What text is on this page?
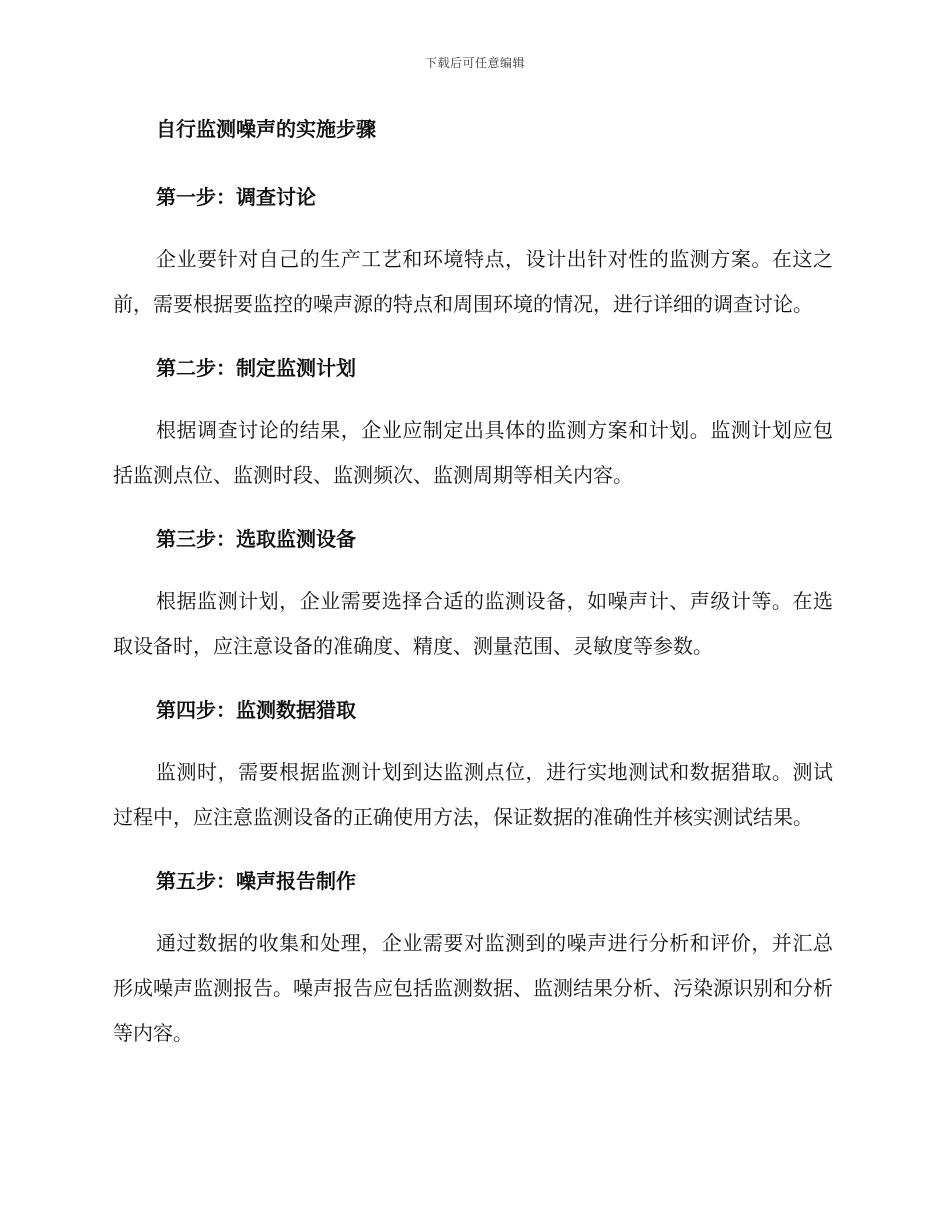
下载后可任意编辑
自行监测噪声的实施步骤
第一步：调查讨论

企业要针对自己的生产工艺和环境特点，设计出针对性的监测方案。在这之前，需要根据要监控的噪声源的特点和周围环境的情况，进行详细的调查讨论。

第二步：制定监测计划

根据调查讨论的结果，企业应制定出具体的监测方案和计划。监测计划应包括监测点位、监测时段、监测频次、监测周期等相关内容。

第三步：选取监测设备

根据监测计划，企业需要选择合适的监测设备，如噪声计、声级计等。在选取设备时，应注意设备的准确度、精度、测量范围、灵敏度等参数。

第四步：监测数据猎取

监测时，需要根据监测计划到达监测点位，进行实地测试和数据猎取。测试过程中，应注意监测设备的正确使用方法，保证数据的准确性并核实测试结果。

第五步：噪声报告制作

通过数据的收集和处理，企业需要对监测到的噪声进行分析和评价，并汇总形成噪声监测报告。噪声报告应包括监测数据、监测结果分析、污染源识别和分析等内容。
